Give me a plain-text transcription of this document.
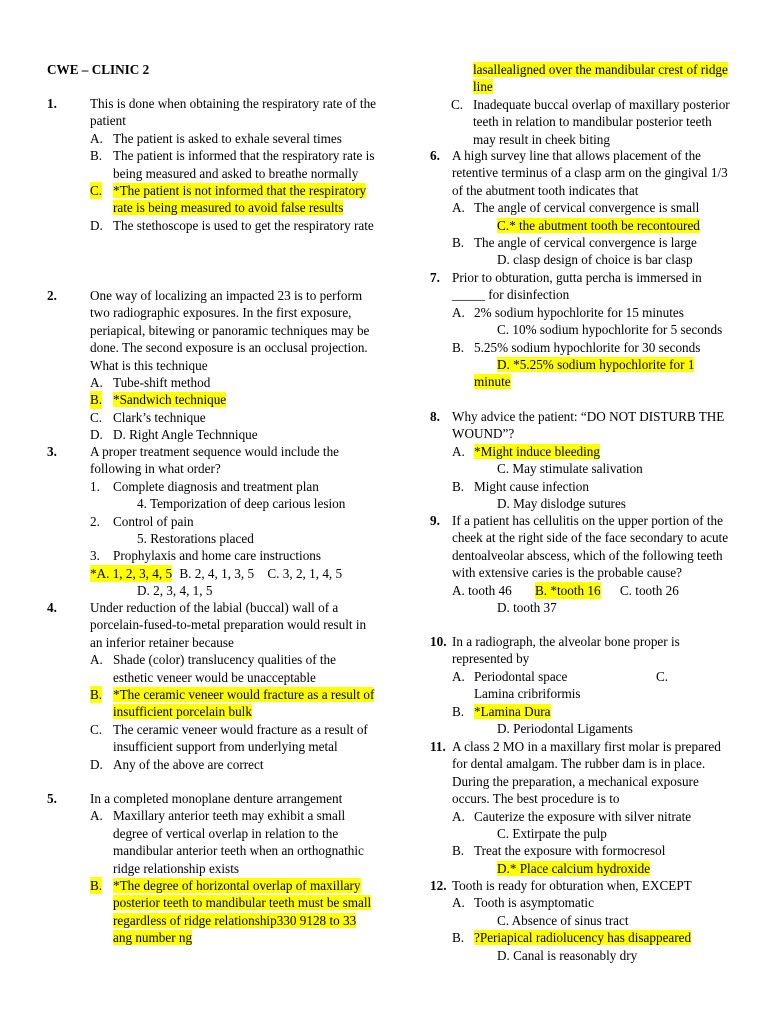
CWE – CLINIC 2
1.	This is done when obtaining the respiratory rate of the patient
A. The patient is asked to exhale several times
B. The patient is informed that the respiratory rate is being measured and asked to breathe normally
C. *The patient is not informed that the respiratory rate is being measured to avoid false results
D. The stethoscope is used to get the respiratory rate
2.	One way of localizing an impacted 23 is to perform two radiographic exposures. In the first exposure, periapical, bitewing or panoramic techniques may be done. The second exposure is an occlusal projection. What is this technique
A. Tube-shift method
B. *Sandwich technique
C. Clark’s technique
D. D. Right Angle Technnique
3.	A proper treatment sequence would include the following in what order?
1. Complete diagnosis and treatment plan
4. Temporization of deep carious lesion
2. Control of pain
5. Restorations placed
3. Prophylaxis and home care instructions
*A. 1, 2, 3, 4, 5 B. 2, 4, 1, 3, 5 C. 3, 2, 1, 4, 5
D. 2, 3, 4, 1, 5
4.	Under reduction of the labial (buccal) wall of a porcelain-fused-to-metal preparation would result in an inferior retainer because
A. Shade (color) translucency qualities of the esthetic veneer would be unacceptable
B. *The ceramic veneer would fracture as a result of insufficient porcelain bulk
C. The ceramic veneer would fracture as a result of insufficient support from underlying metal
D. Any of the above are correct
5.	In a completed monoplane denture arrangement
A. Maxillary anterior teeth may exhibit a small degree of vertical overlap in relation to the mandibular anterior teeth when an orthognathic ridge relationship exists
B. *The degree of horizontal overlap of maxillary posterior teeth to mandibular teeth must be small regardless of ridge relationship330 9128 to 33 ang number ng
lasallealigned over the mandibular crest of ridge line
C. Inadequate buccal overlap of maxillary posterior teeth in relation to mandibular posterior teeth may result in cheek biting
6. A high survey line that allows placement of the retentive terminus of a clasp arm on the gingival 1/3 of the abutment tooth indicates that
A. The angle of cervical convergence is small
C.* the abutment tooth be recontoured
B. The angle of cervical convergence is large
D. clasp design of choice is bar clasp
7. Prior to obturation, gutta percha is immersed in _____ for disinfection
A. 2% sodium hypochlorite for 15 minutes
C. 10% sodium hypochlorite for 5 seconds
B. 5.25% sodium hypochlorite for 30 seconds
D. *5.25% sodium hypochlorite for 1 minute
8. Why advice the patient: “DO NOT DISTURB THE WOUND”?
A. *Might induce bleeding
C. May stimulate salivation
B. Might cause infection
D. May dislodge sutures
9. If a patient has cellulitis on the upper portion of the cheek at the right side of the face secondary to acute dentoalveolar abscess, which of the following teeth with extensive caries is the probable cause?
A. tooth 46 B. *tooth 16 C. tooth 26
D. tooth 37
10. In a radiograph, the alveolar bone proper is represented by
A. Periodontal space	C.
Lamina cribriformis
B. *Lamina Dura
D. Periodontal Ligaments
11. A class 2 MO in a maxillary first molar is prepared for dental amalgam. The rubber dam is in place. During the preparation, a mechanical exposure occurs. The best procedure is to
A. Cauterize the exposure with silver nitrate
C. Extirpate the pulp
B. Treat the exposure with formocresol
D.* Place calcium hydroxide
12. Tooth is ready for obturation when, EXCEPT
A. Tooth is asymptomatic
C. Absence of sinus tract
B. ?Periapical radiolucency has disappeared
D. Canal is reasonably dry
